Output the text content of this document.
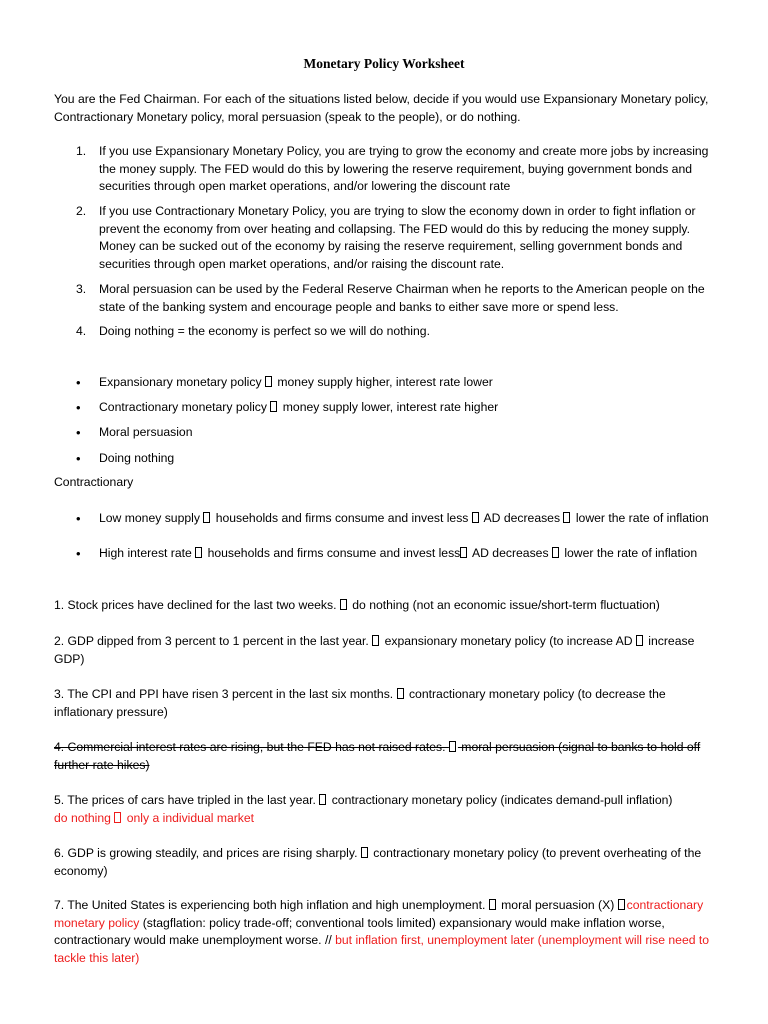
Monetary Policy Worksheet
You are the Fed Chairman. For each of the situations listed below, decide if you would use Expansionary Monetary policy, Contractionary Monetary policy, moral persuasion (speak to the people), or do nothing.
1. If you use Expansionary Monetary Policy, you are trying to grow the economy and create more jobs by increasing the money supply. The FED would do this by lowering the reserve requirement, buying government bonds and securities through open market operations, and/or lowering the discount rate
2. If you use Contractionary Monetary Policy, you are trying to slow the economy down in order to fight inflation or prevent the economy from over heating and collapsing. The FED would do this by reducing the money supply. Money can be sucked out of the economy by raising the reserve requirement, selling government bonds and securities through open market operations, and/or raising the discount rate.
3. Moral persuasion can be used by the Federal Reserve Chairman when he reports to the American people on the state of the banking system and encourage people and banks to either save more or spend less.
4. Doing nothing = the economy is perfect so we will do nothing.
• Expansionary monetary policy  money supply higher, interest rate lower
• Contractionary monetary policy  money supply lower, interest rate higher
• Moral persuasion
• Doing nothing
Contractionary
• Low money supply  households and firms consume and invest less  AD decreases  lower the rate of inflation
• High interest rate  households and firms consume and invest less AD decreases  lower the rate of inflation
1. Stock prices have declined for the last two weeks.  do nothing (not an economic issue/short-term fluctuation)
2. GDP dipped from 3 percent to 1 percent in the last year.  expansionary monetary policy (to increase AD  increase GDP)
3. The CPI and PPI have risen 3 percent in the last six months.  contractionary monetary policy (to decrease the inflationary pressure)
4. Commercial interest rates are rising, but the FED has not raised rates.  moral persuasion (signal to banks to hold off further rate hikes)
5. The prices of cars have tripled in the last year.  contractionary monetary policy (indicates demand-pull inflation)
do nothing  only a individual market
6. GDP is growing steadily, and prices are rising sharply.  contractionary monetary policy (to prevent overheating of the economy)
7. The United States is experiencing both high inflation and high unemployment.  moral persuasion (X) contractionary monetary policy (stagflation: policy trade-off; conventional tools limited) expansionary would make inflation worse, contractionary would make unemployment worse. // but inflation first, unemployment later (unemployment will rise need to tackle this later)
